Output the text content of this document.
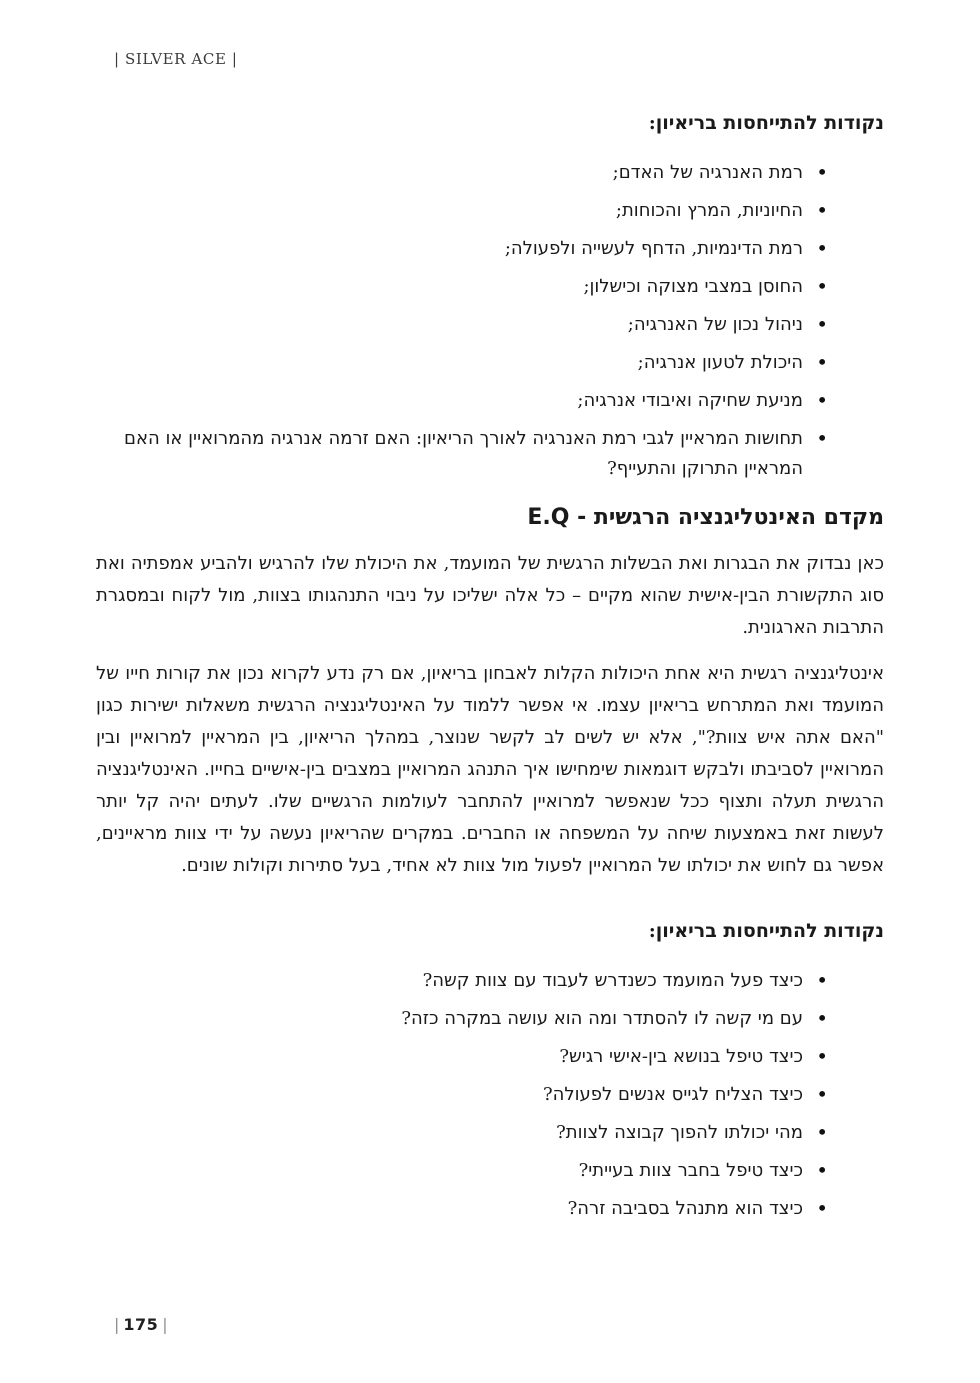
| SILVER ACE |
נקודות להתייחסות בריאיון:
• רמת האנרגיה של האדם;
• החיוניות, המרץ והכוחות;
• רמת הדינמיות, הדחף לעשייה ולפעולה;
• החוסן במצבי מצוקה וכישלון;
• ניהול נכון של האנרגיה;
• היכולת לטעון אנרגיה;
• מניעת שחיקה ואיבודי אנרגיה;
• תחושות המראיין לגבי רמת האנרגיה לאורך הריאיון: האם זרמה אנרגיה מהמרואיין או האם המראיין התרוקן והתעייף?
מקדם האינטליגנציה הרגשית - E.Q

כאן נבדוק את הבגרות ואת הבשלות הרגשית של המועמד, את היכולת שלו להרגיש ולהביע אמפתיה ואת סוג התקשורת הבין-אישית שהוא מקיים – כל אלה ישליכו על ניבוי התנהגותו בצוות, מול לקוח ובמסגרת התרבות הארגונית.

אינטליגנציה רגשית היא אחת היכולות הקלות לאבחון בריאיון, אם רק נדע לקרוא נכון את קורות חייו של המועמד ואת המתרחש בריאיון עצמו. אי אפשר ללמוד על האינטליגנציה הרגשית משאלות ישירות כגון "האם אתה איש צוות?", אלא יש לשים לב לקשר שנוצר, במהלך הריאיון, בין המראיין למרואיין ובין המרואיין לסביבתו ולבקש דוגמאות שימחישו איך התנהג המרואיין במצבים בין-אישיים בחייו. האינטליגנציה הרגשית תעלה ותצוף ככל שנאפשר למרואיין להתחבר לעולמות הרגשיים שלו. לעתים יהיה קל יותר לעשות זאת באמצעות שיחה על המשפחה או החברים. במקרים שהריאיון נעשה על ידי צוות מראיינים, אפשר גם לחוש את יכולתו של המרואיין לפעול מול צוות לא אחיד, בעל סתירות וקולות שונים.

נקודות להתייחסות בריאיון:
• כיצד פעל המועמד כשנדרש לעבוד עם צוות קשה?
• עם מי קשה לו להסתדר ומה הוא עושה במקרה כזה?
• כיצד טיפל בנושא בין-אישי רגיש?
• כיצד הצליח לגייס אנשים לפעולה?
• מהי יכולתו להפוך קבוצה לצוות?
• כיצד טיפל בחבר צוות בעייתי?
• כיצד הוא מתנהל בסביבה זרה?
| 175 |
